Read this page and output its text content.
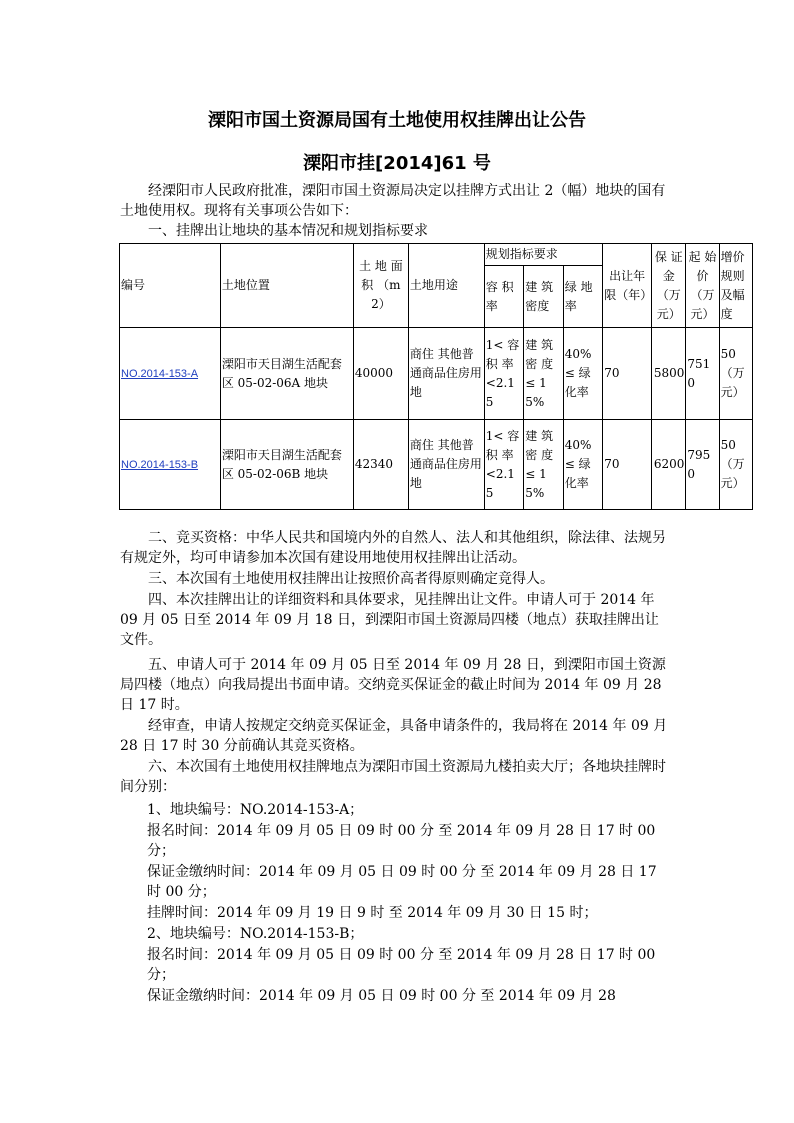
溧阳市国土资源局国有土地使用权挂牌出让公告
溧阳市挂[2014]61 号
经溧阳市人民政府批准，溧阳市国土资源局决定以挂牌方式出让 2（幅）地块的国有土地使用权。现将有关事项公告如下：
一、挂牌出让地块的基本情况和规划指标要求
编号	土地位置	土 地 面积 （m2）	土地用途	规划指标要求			出让年限（年）	保 证金 （万元）	起 始价 （万元）	增价规则及幅度
				容 积率	建 筑密度	绿 地率				
NO.2014-153-A	溧阳市天目湖生活配套区 05-02-06A 地块	40000	商住 其他普通商品住房用地	1< 容积 率 <2.15	建 筑密 度 ≤ 15%	40% ≤ 绿化率	70	5800	7510	50 （万元）
NO.2014-153-B	溧阳市天目湖生活配套区 05-02-06B 地块	42340	商住 其他普通商品住房用地	1< 容积 率 <2.15	建 筑密 度 ≤ 15%	40% ≤ 绿化率	70	6200	7950	50 （万元）
二、竞买资格：中华人民共和国境内外的自然人、法人和其他组织，除法律、法规另有规定外，均可申请参加本次国有建设用地使用权挂牌出让活动。
三、本次国有土地使用权挂牌出让按照价高者得原则确定竞得人。
四、本次挂牌出让的详细资料和具体要求，见挂牌出让文件。申请人可于 2014 年 09 月 05 日至 2014 年 09 月 18 日，到溧阳市国土资源局四楼（地点）获取挂牌出让文件。
五、申请人可于 2014 年 09 月 05 日至 2014 年 09 月 28 日，到溧阳市国土资源局四楼（地点）向我局提出书面申请。交纳竞买保证金的截止时间为 2014 年 09 月 28 日 17 时。
经审查，申请人按规定交纳竞买保证金，具备申请条件的，我局将在 2014 年 09 月 28 日 17 时 30 分前确认其竞买资格。
六、本次国有土地使用权挂牌地点为溧阳市国土资源局九楼拍卖大厅；各地块挂牌时间分别：
1、地块编号：NO.2014-153-A；
报名时间：2014 年 09 月 05 日 09 时 00 分 至 2014 年 09 月 28 日 17 时 00 分；
保证金缴纳时间：2014 年 09 月 05 日 09 时 00 分 至 2014 年 09 月 28 日 17 时 00 分；
挂牌时间：2014 年 09 月 19 日 9 时 至 2014 年 09 月 30 日 15 时；
2、地块编号：NO.2014-153-B；
报名时间：2014 年 09 月 05 日 09 时 00 分 至 2014 年 09 月 28 日 17 时 00 分；
保证金缴纳时间：2014 年 09 月 05 日 09 时 00 分 至 2014 年 09 月 28
